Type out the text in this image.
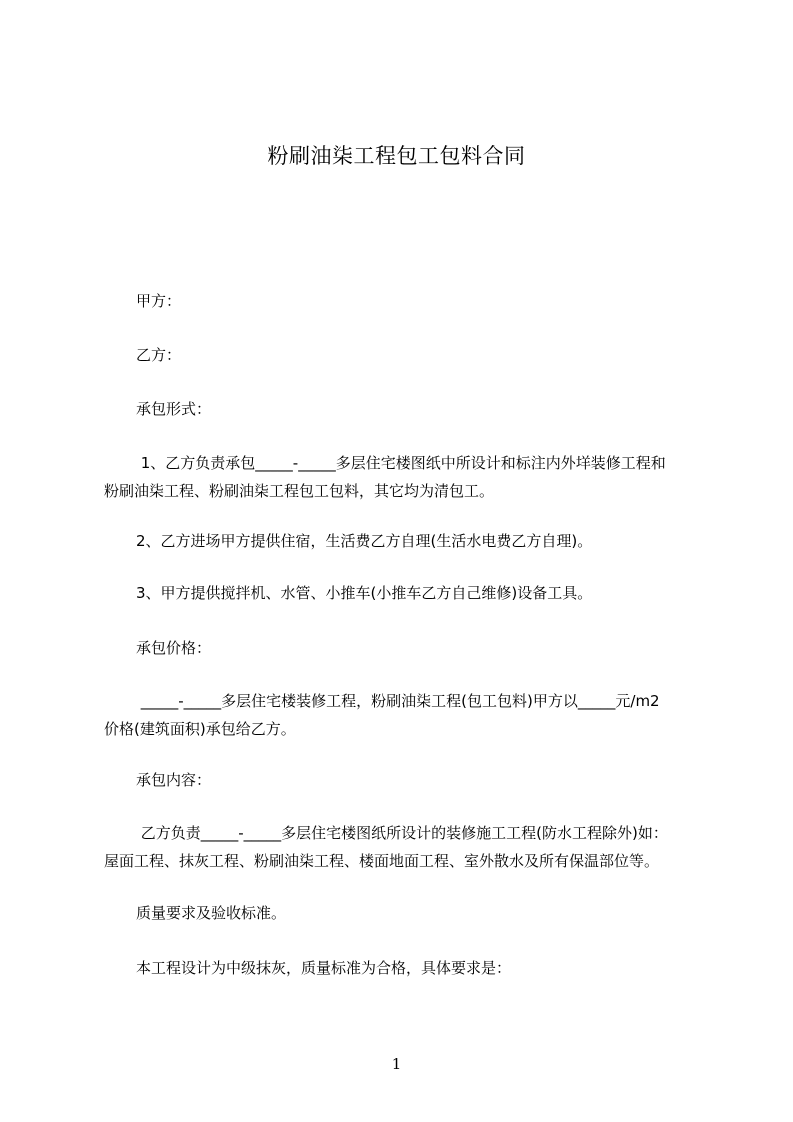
粉刷油柒工程包工包料合同
甲方：
乙方：
承包形式：
1、乙方负责承包_____-_____多层住宅楼图纸中所设计和标注内外垟装修工程和
粉刷油柒工程、粉刷油柒工程包工包料，其它均为清包工。
2、乙方进场甲方提供住宿，生活费乙方自理(生活水电费乙方自理)。
3、甲方提供搅拌机、水管、小推车(小推车乙方自己维修)设备工具。
承包价格：
_____-_____多层住宅楼装修工程，粉刷油柒工程(包工包料)甲方以_____元/m2
价格(建筑面积)承包给乙方。
承包内容：
乙方负责_____-_____多层住宅楼图纸所设计的装修施工工程(防水工程除外)如：
屋面工程、抹灰工程、粉刷油柒工程、楼面地面工程、室外散水及所有保温部位等。
质量要求及验收标准。
本工程设计为中级抹灰，质量标准为合格，具体要求是：
1
